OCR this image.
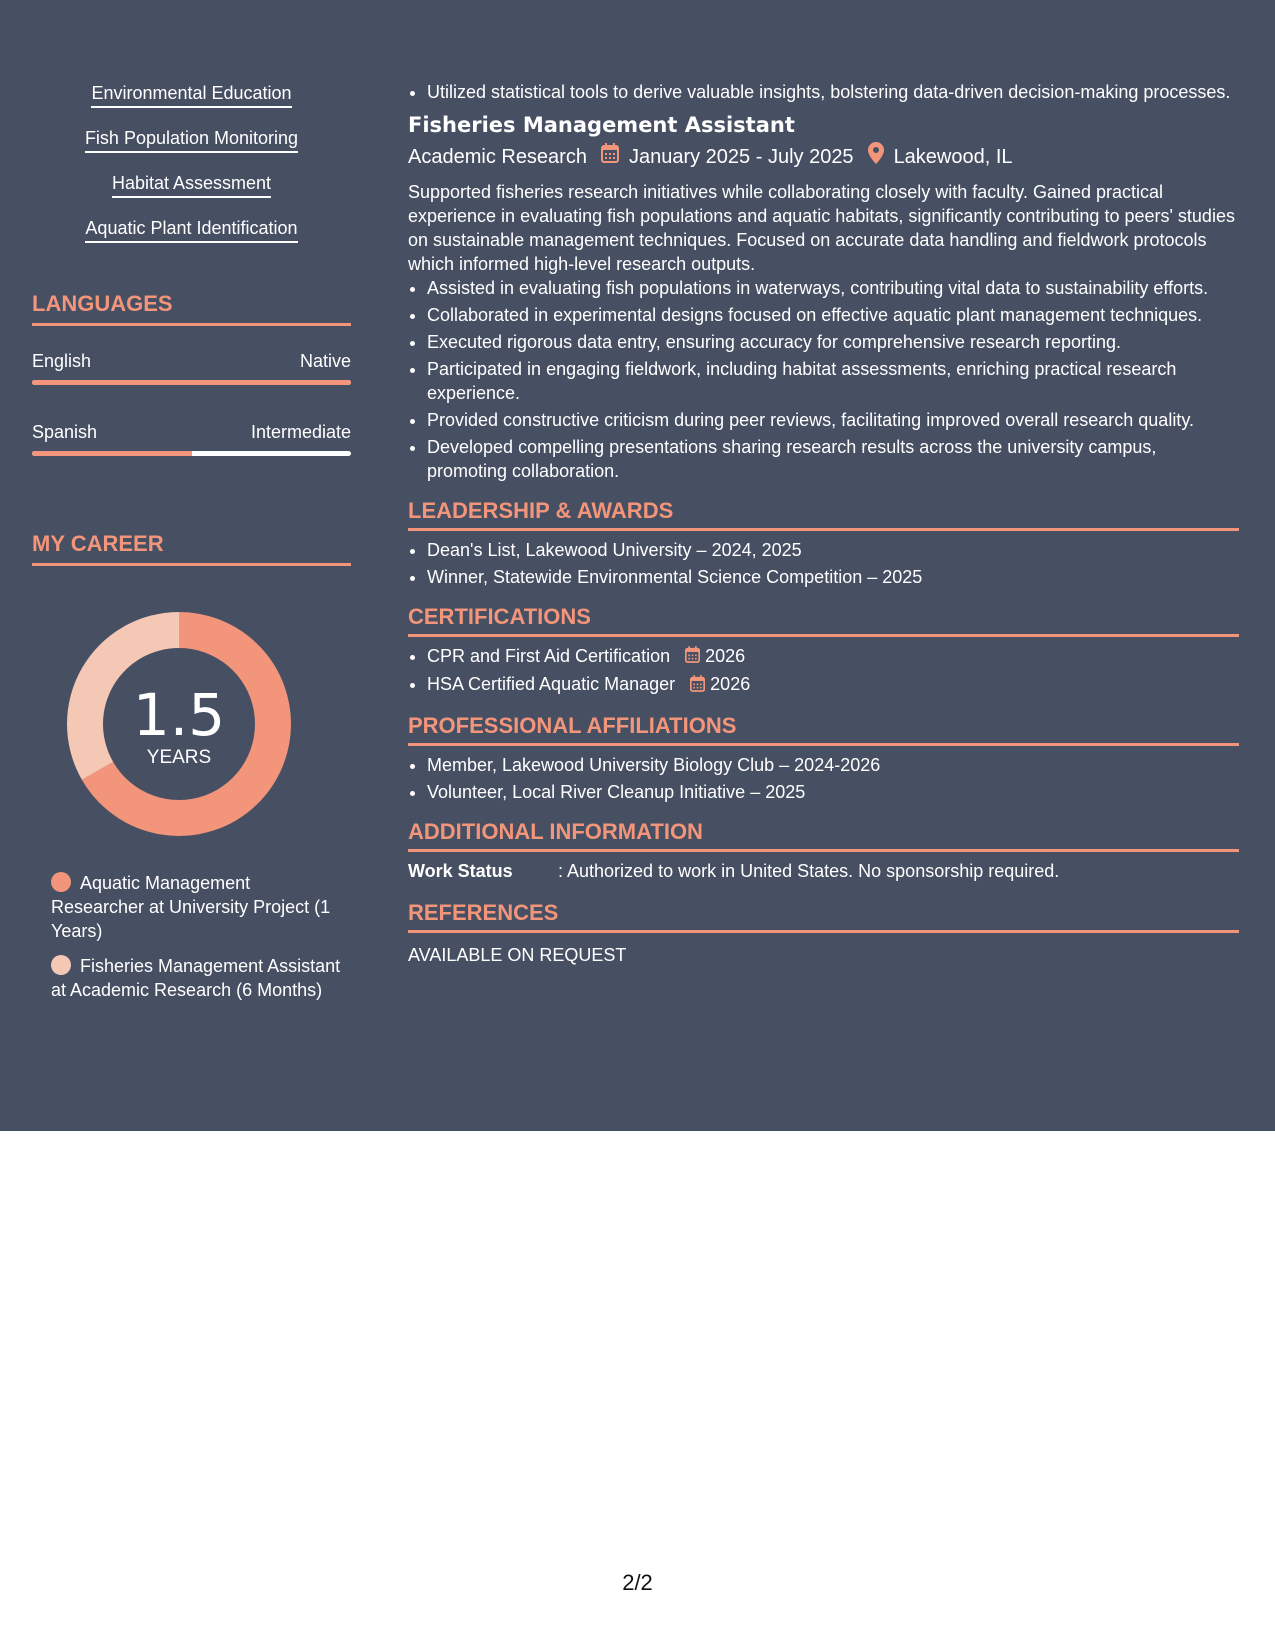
Environmental Education
Fish Population Monitoring
Habitat Assessment
Aquatic Plant Identification
LANGUAGES
English	Native
Spanish	Intermediate
MY CAREER
1.5
YEARS
Aquatic Management Researcher at University Project (1 Years)
Fisheries Management Assistant at Academic Research (6 Months)
• Utilized statistical tools to derive valuable insights, bolstering data-driven decision-making processes.
Fisheries Management Assistant
Academic Research January 2025 - July 2025 Lakewood, IL
Supported fisheries research initiatives while collaborating closely with faculty. Gained practical experience in evaluating fish populations and aquatic habitats, significantly contributing to peers' studies on sustainable management techniques. Focused on accurate data handling and fieldwork protocols which informed high-level research outputs.
• Assisted in evaluating fish populations in waterways, contributing vital data to sustainability efforts.
• Collaborated in experimental designs focused on effective aquatic plant management techniques.
• Executed rigorous data entry, ensuring accuracy for comprehensive research reporting.
• Participated in engaging fieldwork, including habitat assessments, enriching practical research experience.
• Provided constructive criticism during peer reviews, facilitating improved overall research quality.
• Developed compelling presentations sharing research results across the university campus, promoting collaboration.
LEADERSHIP & AWARDS
• Dean's List, Lakewood University – 2024, 2025
• Winner, Statewide Environmental Science Competition – 2025
CERTIFICATIONS
• CPR and First Aid Certification 2026
• HSA Certified Aquatic Manager 2026
PROFESSIONAL AFFILIATIONS
• Member, Lakewood University Biology Club – 2024-2026
• Volunteer, Local River Cleanup Initiative – 2025
ADDITIONAL INFORMATION
Work Status	: Authorized to work in United States. No sponsorship required.
REFERENCES
AVAILABLE ON REQUEST
2/2
